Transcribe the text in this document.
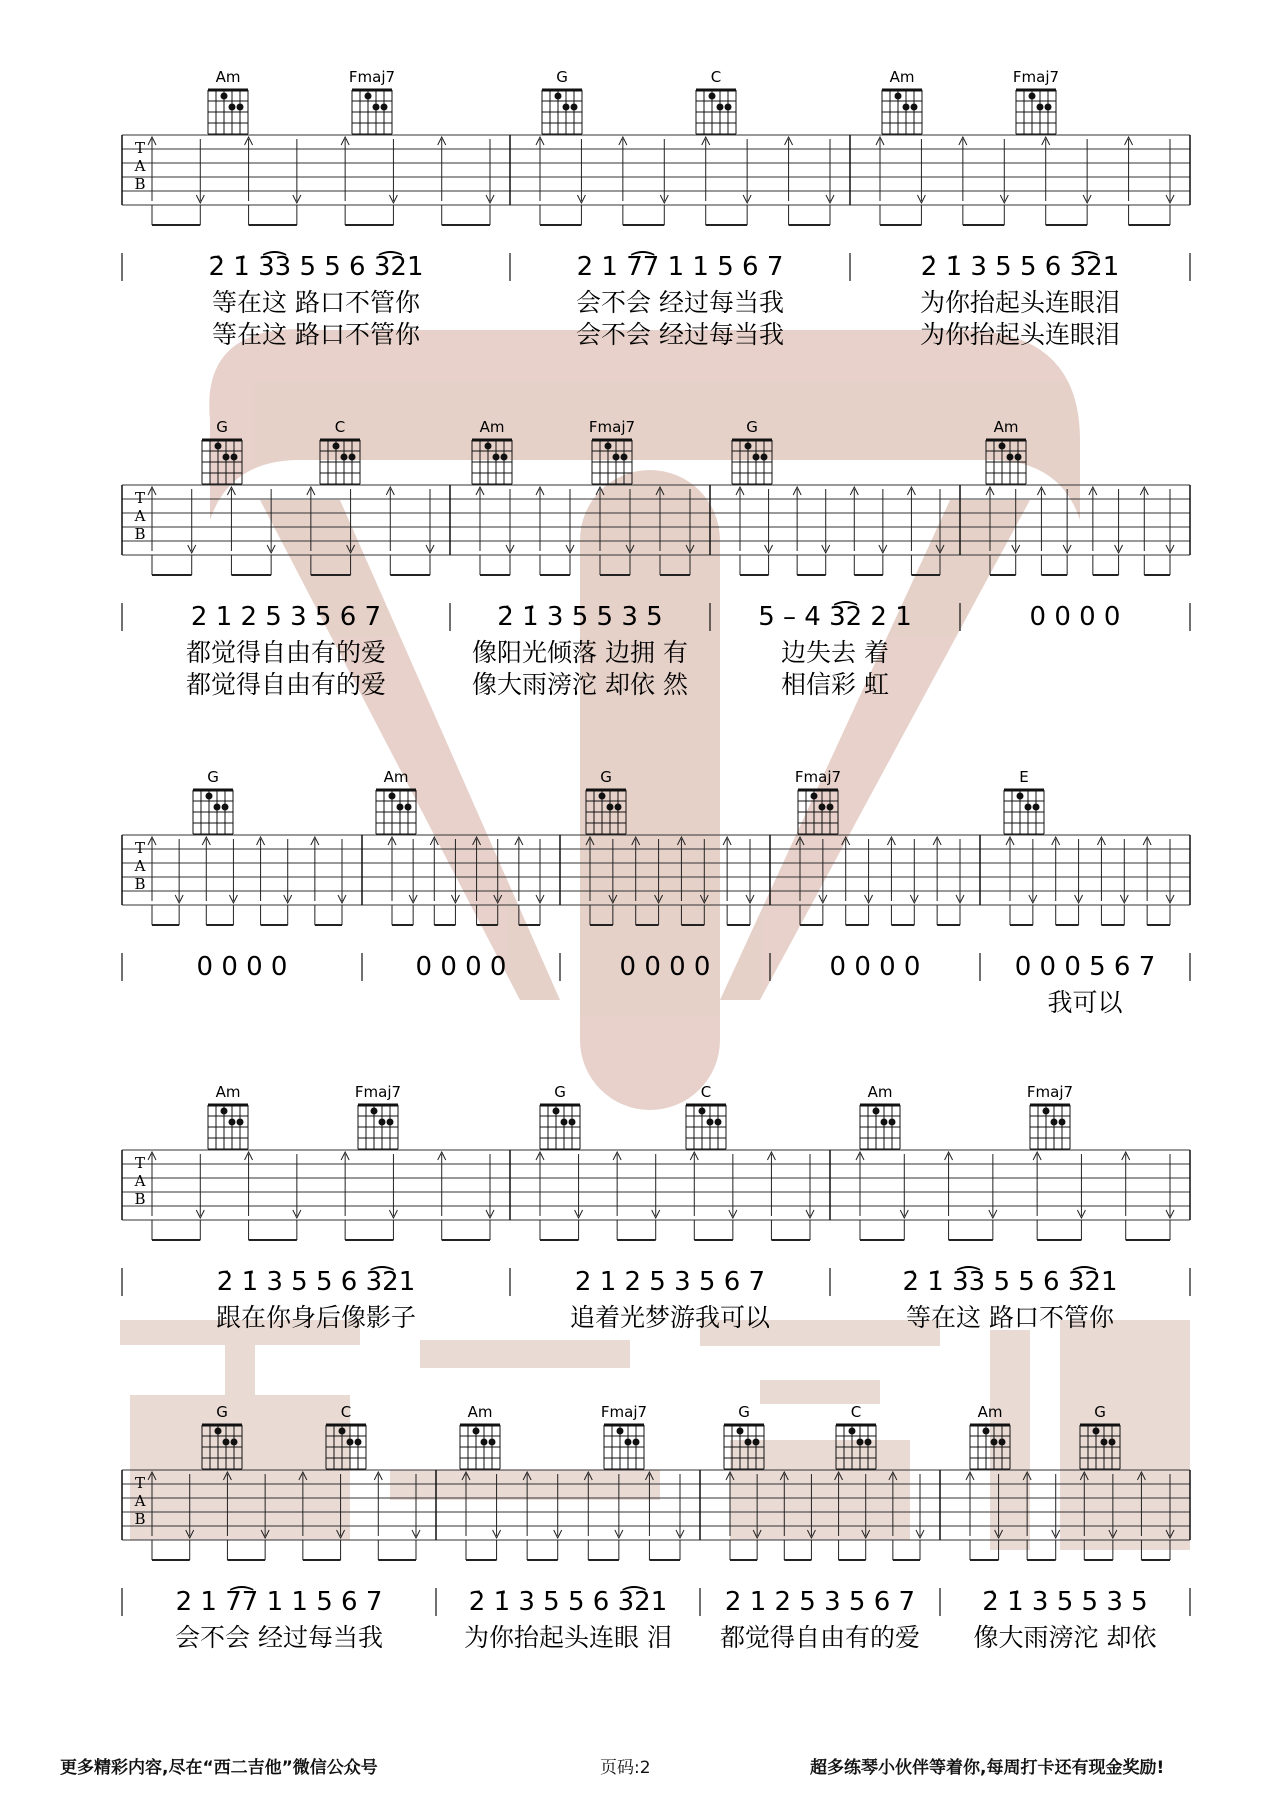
更多精彩内容,尽在“西二吉他”微信公众号	页码:2	超多练琴小伙伴等着你,每周打卡还有现金奖励!
Am	Fmaj7	G	C	Am	Fmaj7
T
A
B
2̇ 1̇ 3͡3 5 5 6 3͡21
等在这 路口不管你
等在这 路口不管你
2 1 7͡7 1 1 5 6 7
会不会 经过每当我
会不会 经过每当我
2̇ 1̇ 3 5 5 6 3͡21
为你抬起头连眼泪
为你抬起头连眼泪
G	C	Am	Fmaj7	G	Am
T
A
B
2 1 2 5 3 5 6 7
都觉得自由有的爱
都觉得自由有的爱
2̇ 1̇ 3 5 5 3 5
像阳光倾落 边拥 有
像大雨滂沱 却依 然
5 – 4 3͡2 2 1
边失去 着
相信彩 虹
0 0 0 0
G	Am	G	Fmaj7	E
T
A
B
0 0 0 0	0 0 0 0	0 0 0 0	0 0 0 0	0 0 0 5 6 7
我可以
Am	Fmaj7	G	C	Am	Fmaj7
T
A
B
2̇ 1̇ 3 5 5 6 3͡21
跟在你身后像影子
2 1 2 5 3 5 6 7
追着光梦游我可以
2̇ 1̇ 3͡3 5 5 6 3͡21
等在这 路口不管你
G	C	Am	Fmaj7	G	C	Am	G
T
A
B
2 1 7͡7 1 1 5 6 7
会不会 经过每当我
2̇ 1̇ 3 5 5 6 3͡21
为你抬起头连眼 泪
2 1 2 5 3 5 6 7
都觉得自由有的爱
2̇ 1̇ 3 5 5 3 5
像大雨滂沱 却依
